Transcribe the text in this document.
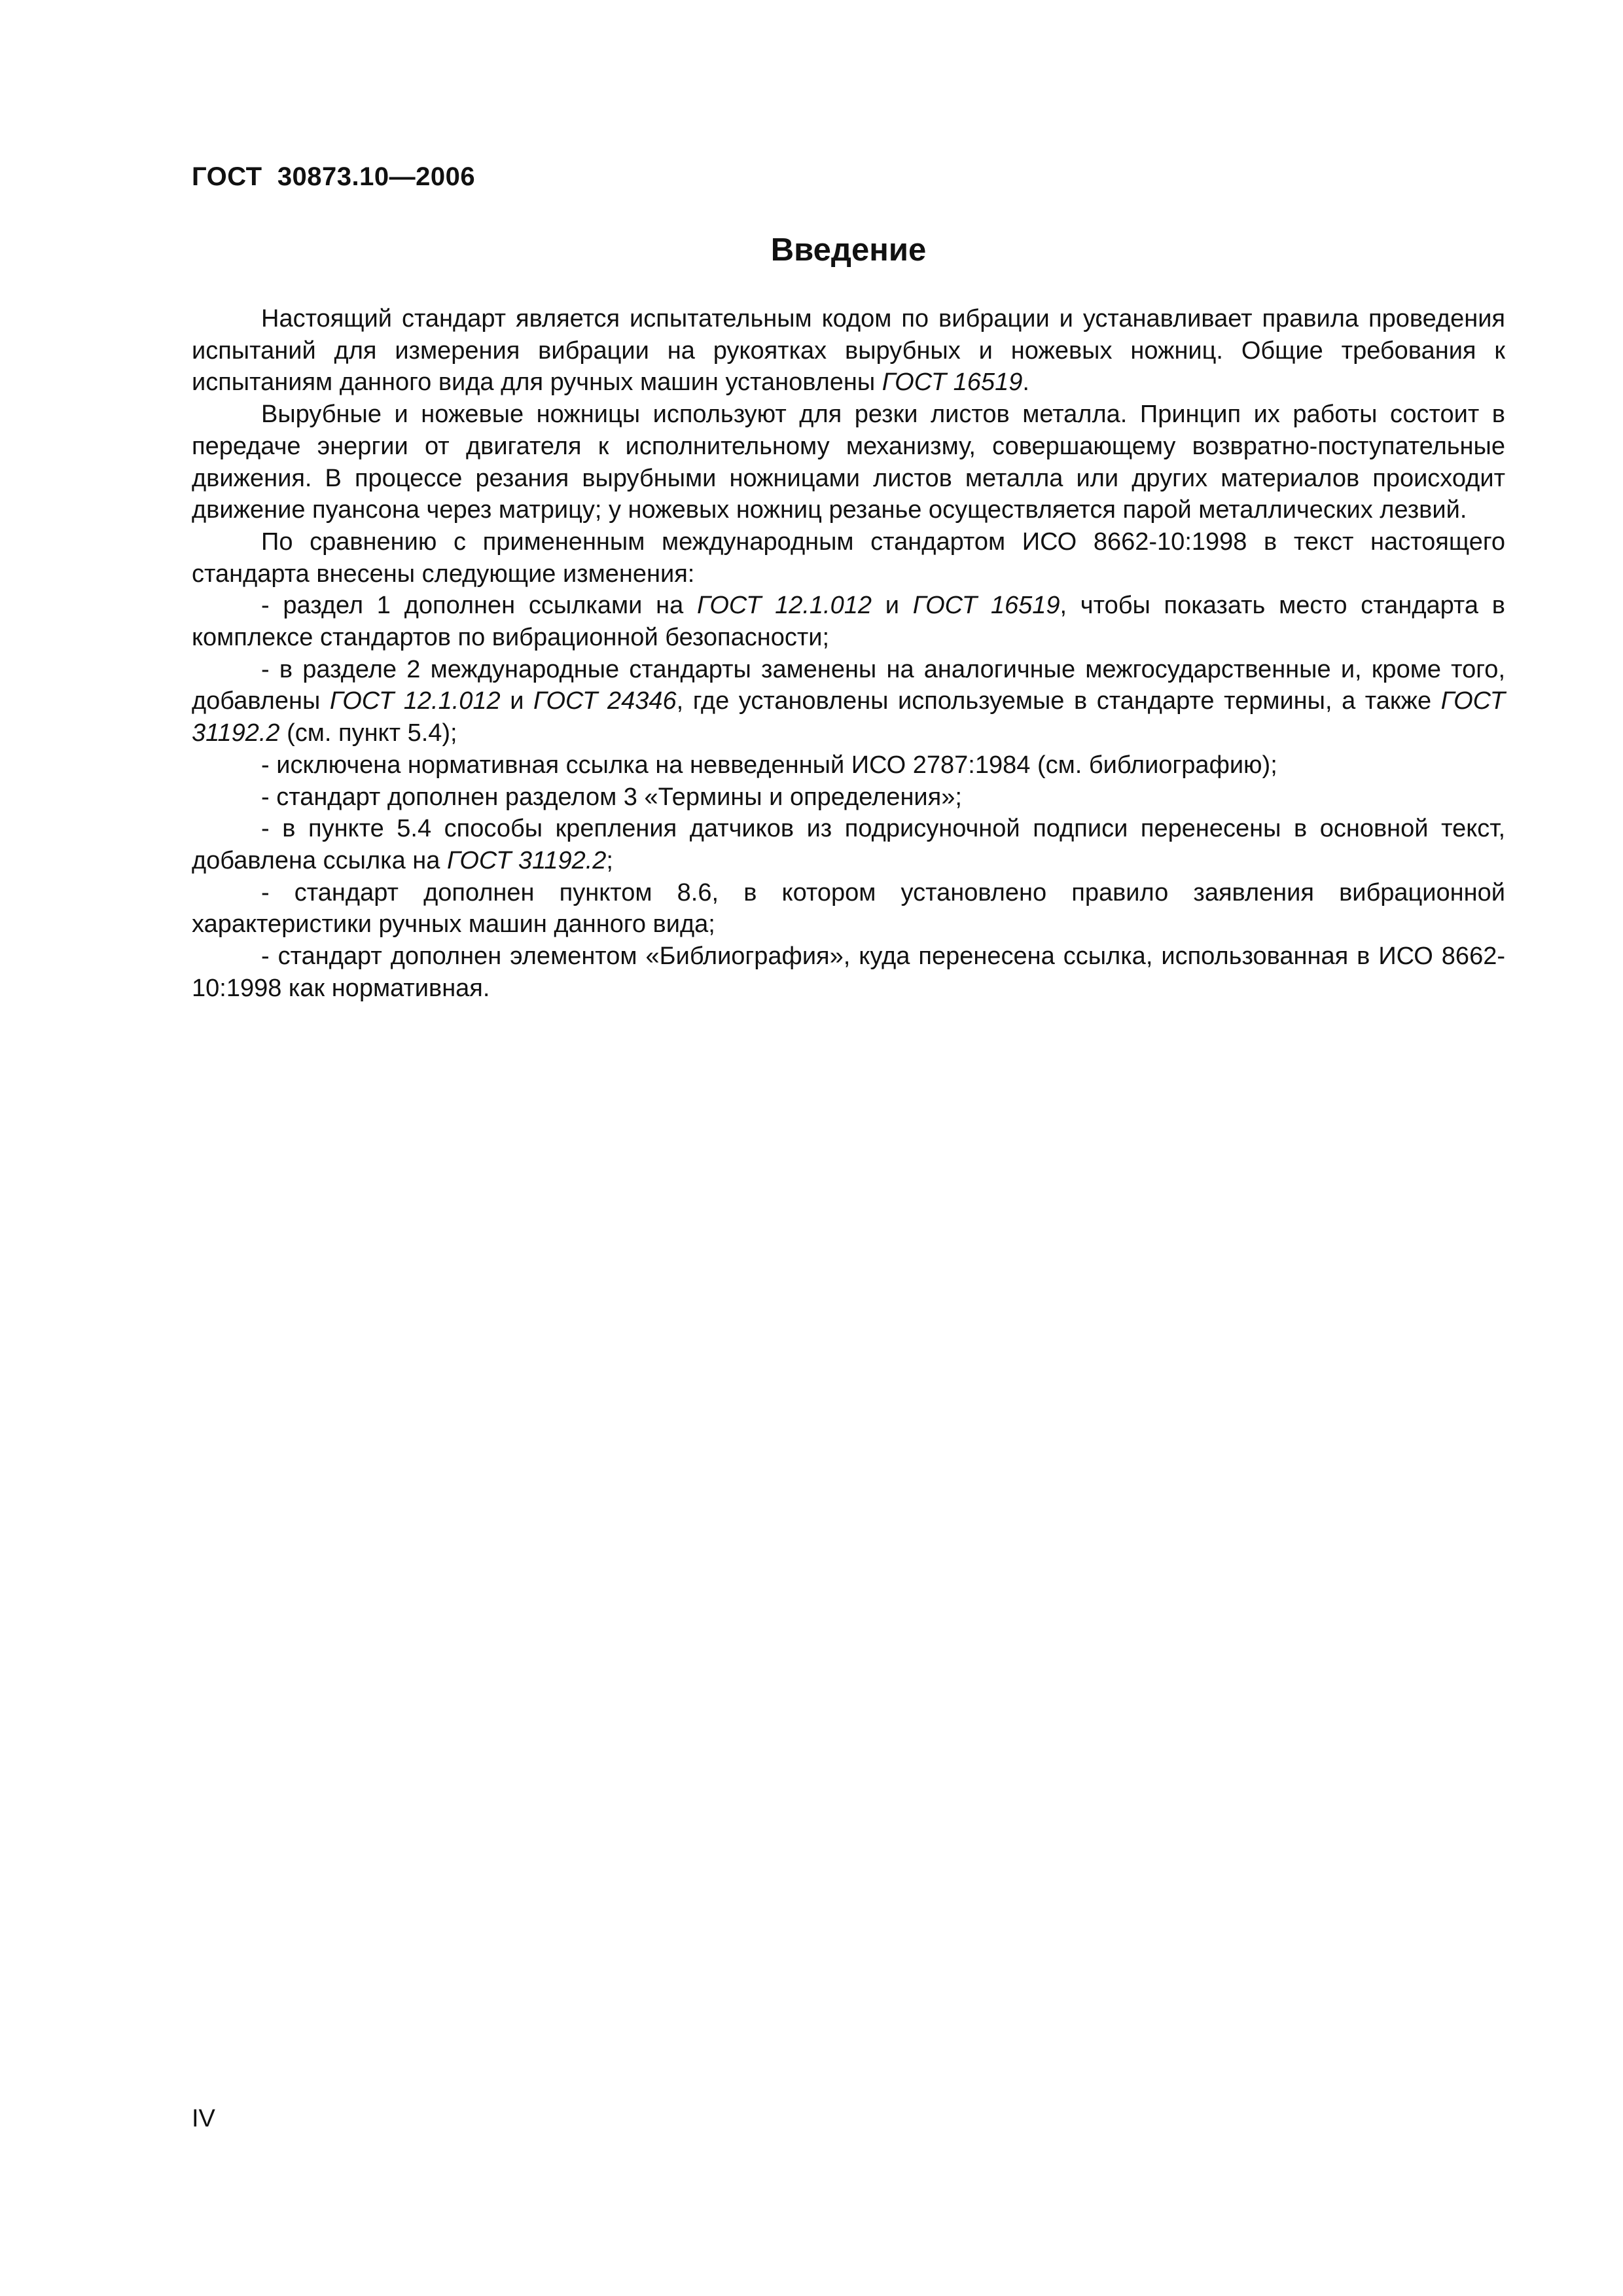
ГОСТ  30873.10—2006
Введение

Настоящий стандарт является испытательным кодом по вибрации и устанавливает правила проведения испытаний для измерения вибрации на рукоятках вырубных и ножевых ножниц. Общие требования к испытаниям данного вида для ручных машин установлены ГОСТ 16519.

Вырубные и ножевые ножницы используют для резки листов металла. Принцип их работы состоит в передаче энергии от двигателя к исполнительному механизму, совершающему возвратно-поступательные движения. В процессе резания вырубными ножницами листов металла или других материалов происходит движение пуансона через матрицу; у ножевых ножниц резанье осуществляется парой металлических лезвий.

По сравнению с примененным международным стандартом ИСО 8662-10:1998 в текст настоящего стандарта внесены следующие изменения:

- раздел 1 дополнен ссылками на ГОСТ 12.1.012 и ГОСТ 16519, чтобы показать место стандарта в комплексе стандартов по вибрационной безопасности;

- в разделе 2 международные стандарты заменены на аналогичные межгосударственные и, кроме того, добавлены ГОСТ 12.1.012 и ГОСТ 24346, где установлены используемые в стандарте термины, а также ГОСТ 31192.2 (см. пункт 5.4);

- исключена нормативная ссылка на невведенный ИСО 2787:1984 (см. библиографию);

- стандарт дополнен разделом 3 «Термины и определения»;

- в пункте 5.4 способы крепления датчиков из подрисуночной подписи перенесены в основной текст, добавлена ссылка на ГОСТ 31192.2;

- стандарт дополнен пунктом 8.6, в котором установлено правило заявления вибрационной характеристики ручных машин данного вида;

- стандарт дополнен элементом «Библиография», куда перенесена ссылка, использованная в ИСО 8662-10:1998 как нормативная.

IV
